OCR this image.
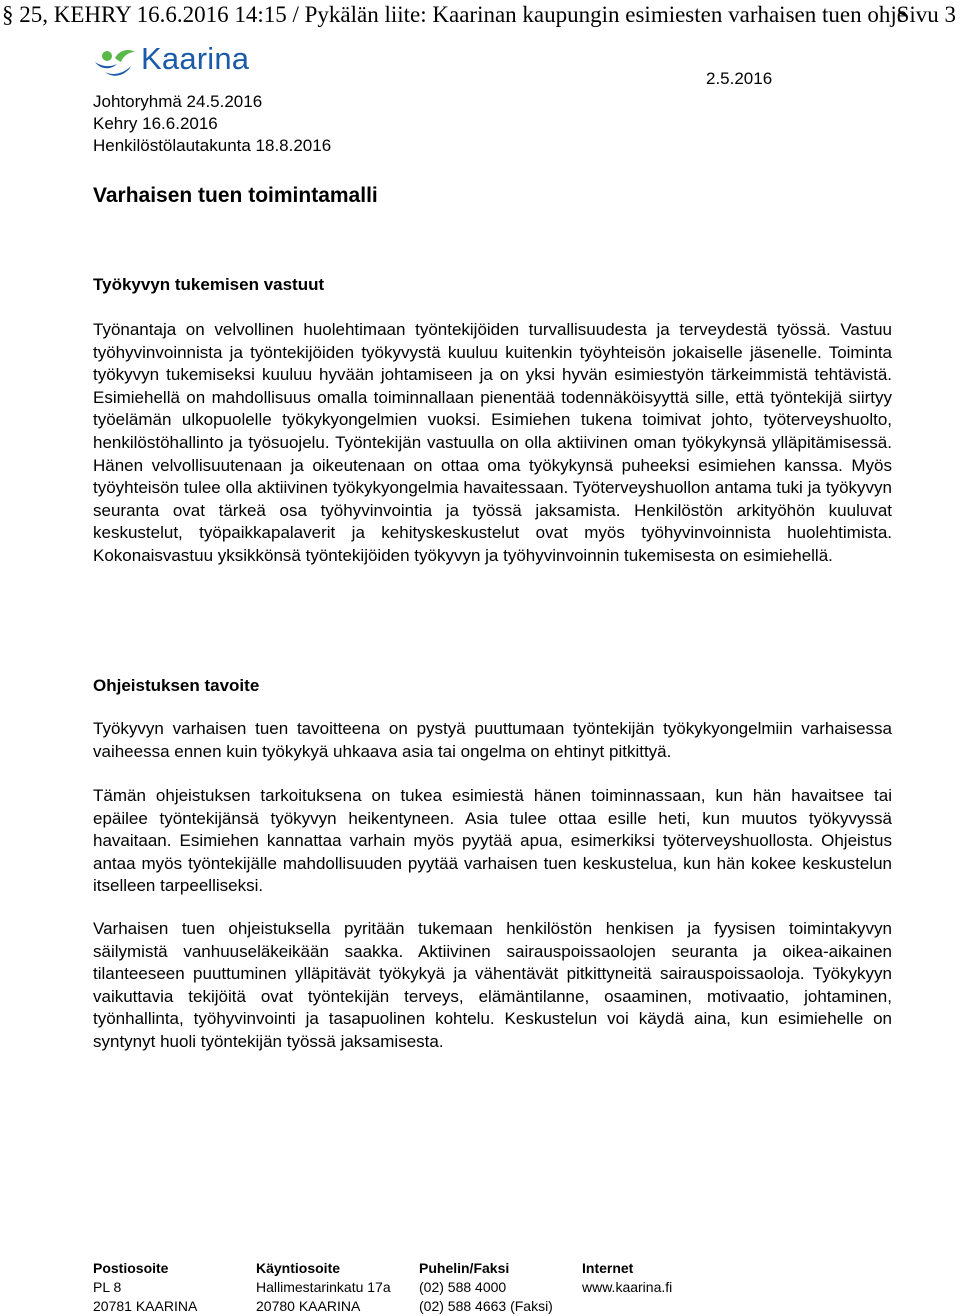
§ 25, KEHRY 16.6.2016 14:15 / Pykälän liite: Kaarinan kaupungin esimiesten varhaisen tuen ohje
Sivu 3
Kaarina
2.5.2016
Johtoryhmä 24.5.2016
Kehry 16.6.2016
Henkilöstölautakunta 18.8.2016
Varhaisen tuen toimintamalli
Työkyvyn tukemisen vastuut

Työnantaja on velvollinen huolehtimaan työntekijöiden turvallisuudesta ja terveydestä työssä. Vastuu työhyvinvoinnista ja työntekijöiden työkyvystä kuuluu kuitenkin työyhteisön jokaiselle jäsenelle. Toiminta työkyvyn tukemiseksi kuuluu hyvään johtamiseen ja on yksi hyvän esimiestyön tärkeimmistä tehtävistä. Esimiehellä on mahdollisuus omalla toiminnallaan pienentää todennäköisyyttä sille, että työntekijä siirtyy työelämän ulkopuolelle työkykyongelmien vuoksi. Esimiehen tukena toimivat johto, työterveyshuolto, henkilöstöhallinto ja työsuojelu. Työntekijän vastuulla on olla aktiivinen oman työkykynsä ylläpitämisessä. Hänen velvollisuutenaan ja oikeutenaan on ottaa oma työkykynsä puheeksi esimiehen kanssa. Myös työyhteisön tulee olla aktiivinen työkykyongelmia havaitessaan. Työterveyshuollon antama tuki ja työkyvyn seuranta ovat tärkeä osa työhyvinvointia ja työssä jaksamista. Henkilöstön arkityöhön kuuluvat keskustelut, työpaikkapalaverit ja kehityskeskustelut ovat myös työhyvinvoinnista huolehtimista. Kokonaisvastuu yksikkönsä työntekijöiden työkyvyn ja työhyvinvoinnin tukemisesta on esimiehellä.

Ohjeistuksen tavoite

Työkyvyn varhaisen tuen tavoitteena on pystyä puuttumaan työntekijän työkykyongelmiin varhaisessa vaiheessa ennen kuin työkykyä uhkaava asia tai ongelma on ehtinyt pitkittyä.

Tämän ohjeistuksen tarkoituksena on tukea esimiestä hänen toiminnassaan, kun hän havaitsee tai epäilee työntekijänsä työkyvyn heikentyneen. Asia tulee ottaa esille heti, kun muutos työkyvyssä havaitaan. Esimiehen kannattaa varhain myös pyytää apua, esimerkiksi työterveyshuollosta. Ohjeistus antaa myös työntekijälle mahdollisuuden pyytää varhaisen tuen keskustelua, kun hän kokee keskustelun itselleen tarpeelliseksi.

Varhaisen tuen ohjeistuksella pyritään tukemaan henkilöstön henkisen ja fyysisen toimintakyvyn säilymistä vanhuuseläkeikään saakka. Aktiivinen sairauspoissaolojen seuranta ja oikea-aikainen tilanteeseen puuttuminen ylläpitävät työkykyä ja vähentävät pitkittyneitä sairauspoissaoloja. Työkykyyn vaikuttavia tekijöitä ovat työntekijän terveys, elämäntilanne, osaaminen, motivaatio, johtaminen, työnhallinta, työhyvinvointi ja tasapuolinen kohtelu. Keskustelun voi käydä aina, kun esimiehelle on syntynyt huoli työntekijän työssä jaksamisesta.

Postiosoite
PL 8
20781 KAARINA
Käyntiosoite
Hallimestarinkatu 17a
20780 KAARINA
Puhelin/Faksi
(02) 588 4000
(02) 588 4663 (Faksi)
Internet
www.kaarina.fi
